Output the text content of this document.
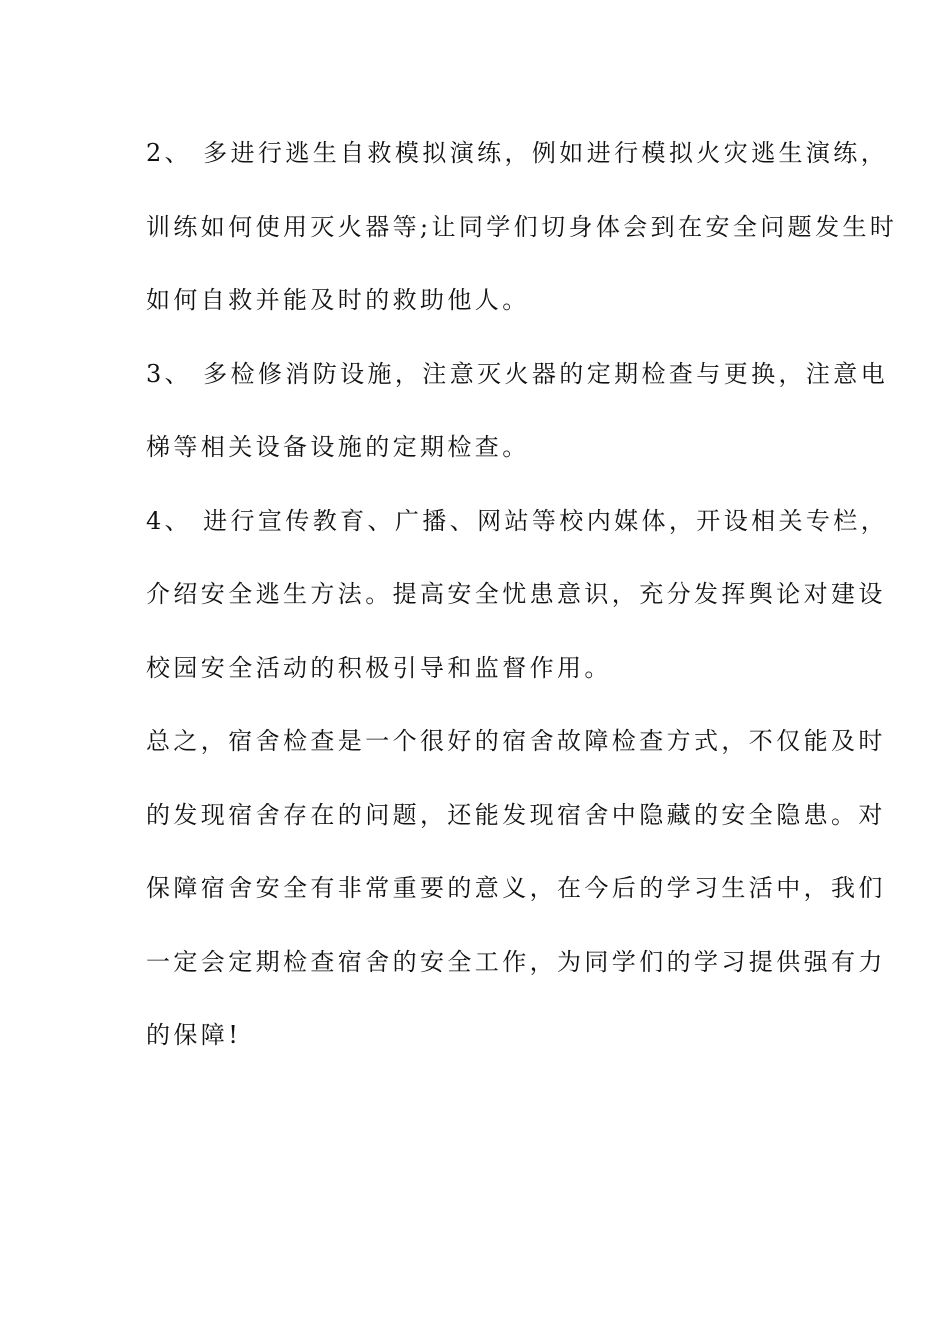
2、 多进行逃生自救模拟演练，例如进行模拟火灾逃生演练，
训练如何使用灭火器等;让同学们切身体会到在安全问题发生时
如何自救并能及时的救助他人。
3、 多检修消防设施，注意灭火器的定期检查与更换，注意电
梯等相关设备设施的定期检查。
4、 进行宣传教育、广播、网站等校内媒体，开设相关专栏，
介绍安全逃生方法。提高安全忧患意识，充分发挥舆论对建设
校园安全活动的积极引导和监督作用。
总之，宿舍检查是一个很好的宿舍故障检查方式，不仅能及时
的发现宿舍存在的问题，还能发现宿舍中隐藏的安全隐患。对
保障宿舍安全有非常重要的意义，在今后的学习生活中，我们
一定会定期检查宿舍的安全工作，为同学们的学习提供强有力
的保障!
